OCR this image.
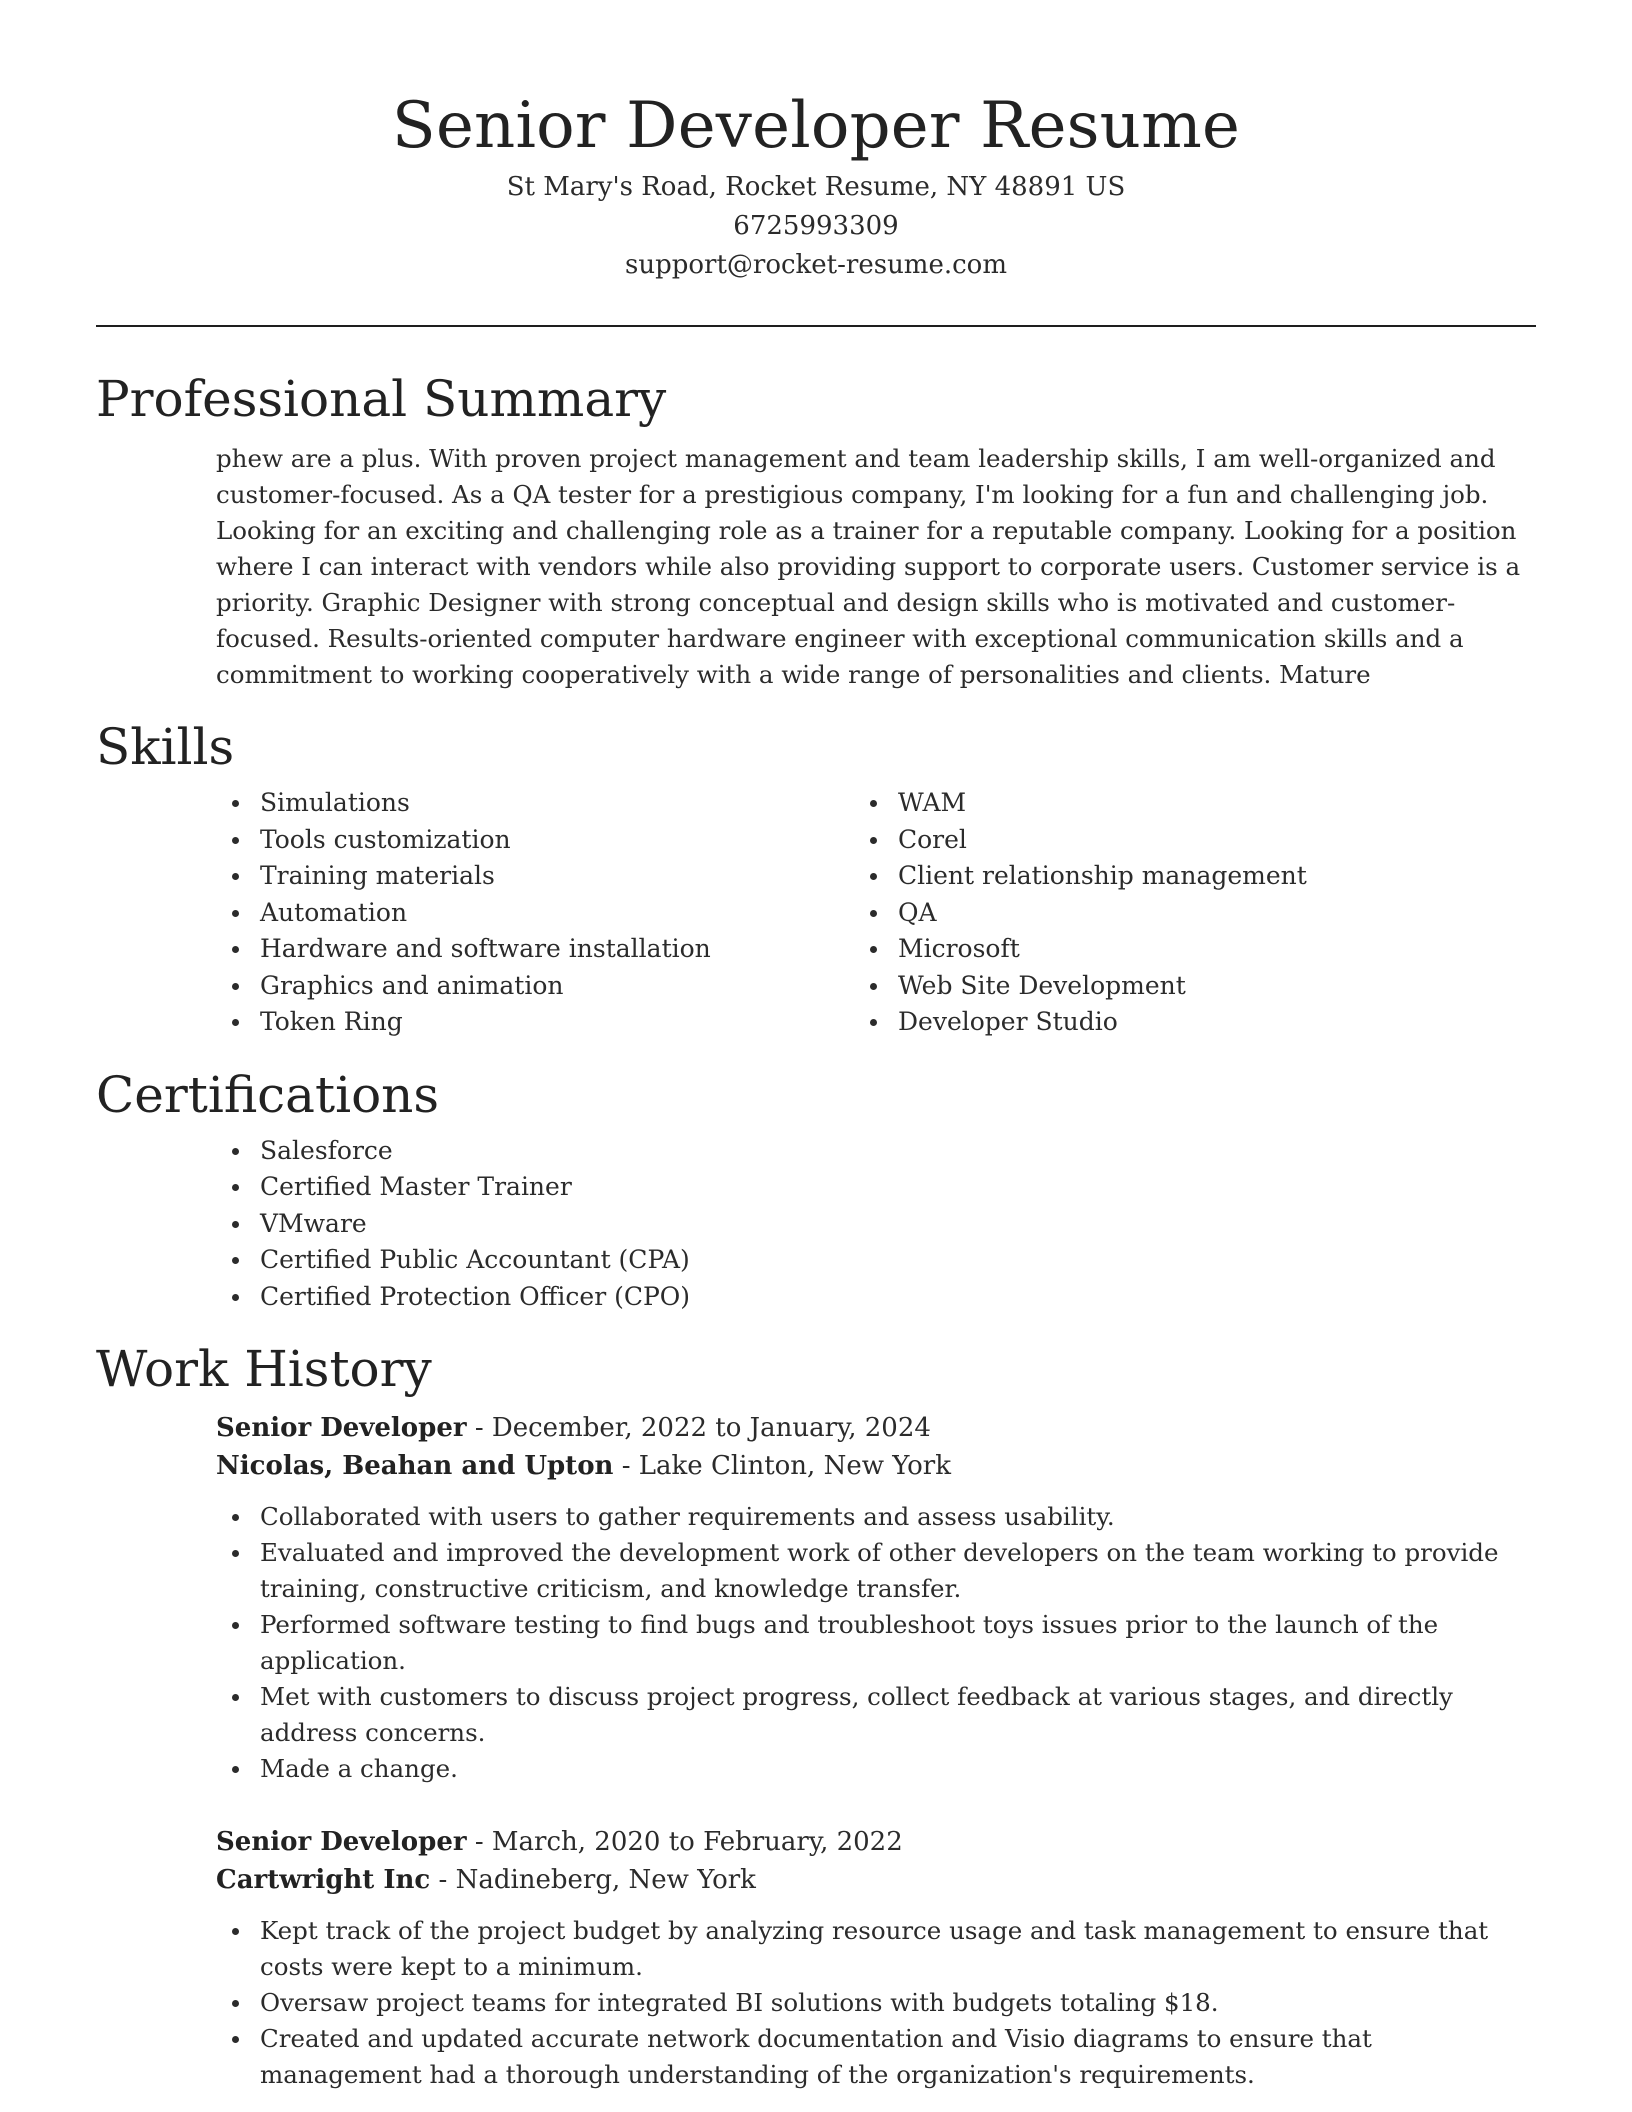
Senior Developer Resume
St Mary's Road, Rocket Resume, NY 48891 US
6725993309
support@rocket-resume.com
Professional Summary

phew are a plus. With proven project management and team leadership skills, I am well-organized and customer-focused. As a QA tester for a prestigious company, I'm looking for a fun and challenging job. Looking for an exciting and challenging role as a trainer for a reputable company. Looking for a position where I can interact with vendors while also providing support to corporate users. Customer service is a priority. Graphic Designer with strong conceptual and design skills who is motivated and customer-focused. Results-oriented computer hardware engineer with exceptional communication skills and a commitment to working cooperatively with a wide range of personalities and clients. Mature

Skills
Simulations
Tools customization
Training materials
Automation
Hardware and software installation
Graphics and animation
Token Ring
WAM
Corel
Client relationship management
QA
Microsoft
Web Site Development
Developer Studio
Certifications
Salesforce
Certified Master Trainer
VMware
Certified Public Accountant (CPA)
Certified Protection Officer (CPO)
Work History
Senior Developer - December, 2022 to January, 2024
Nicolas, Beahan and Upton - Lake Clinton, New York
Collaborated with users to gather requirements and assess usability.
Evaluated and improved the development work of other developers on the team working to provide training, constructive criticism, and knowledge transfer.
Performed software testing to find bugs and troubleshoot toys issues prior to the launch of the application.
Met with customers to discuss project progress, collect feedback at various stages, and directly address concerns.
Made a change.
Senior Developer - March, 2020 to February, 2022
Cartwright Inc - Nadineberg, New York
Kept track of the project budget by analyzing resource usage and task management to ensure that costs were kept to a minimum.
Oversaw project teams for integrated BI solutions with budgets totaling $18.
Created and updated accurate network documentation and Visio diagrams to ensure that management had a thorough understanding of the organization's requirements.
